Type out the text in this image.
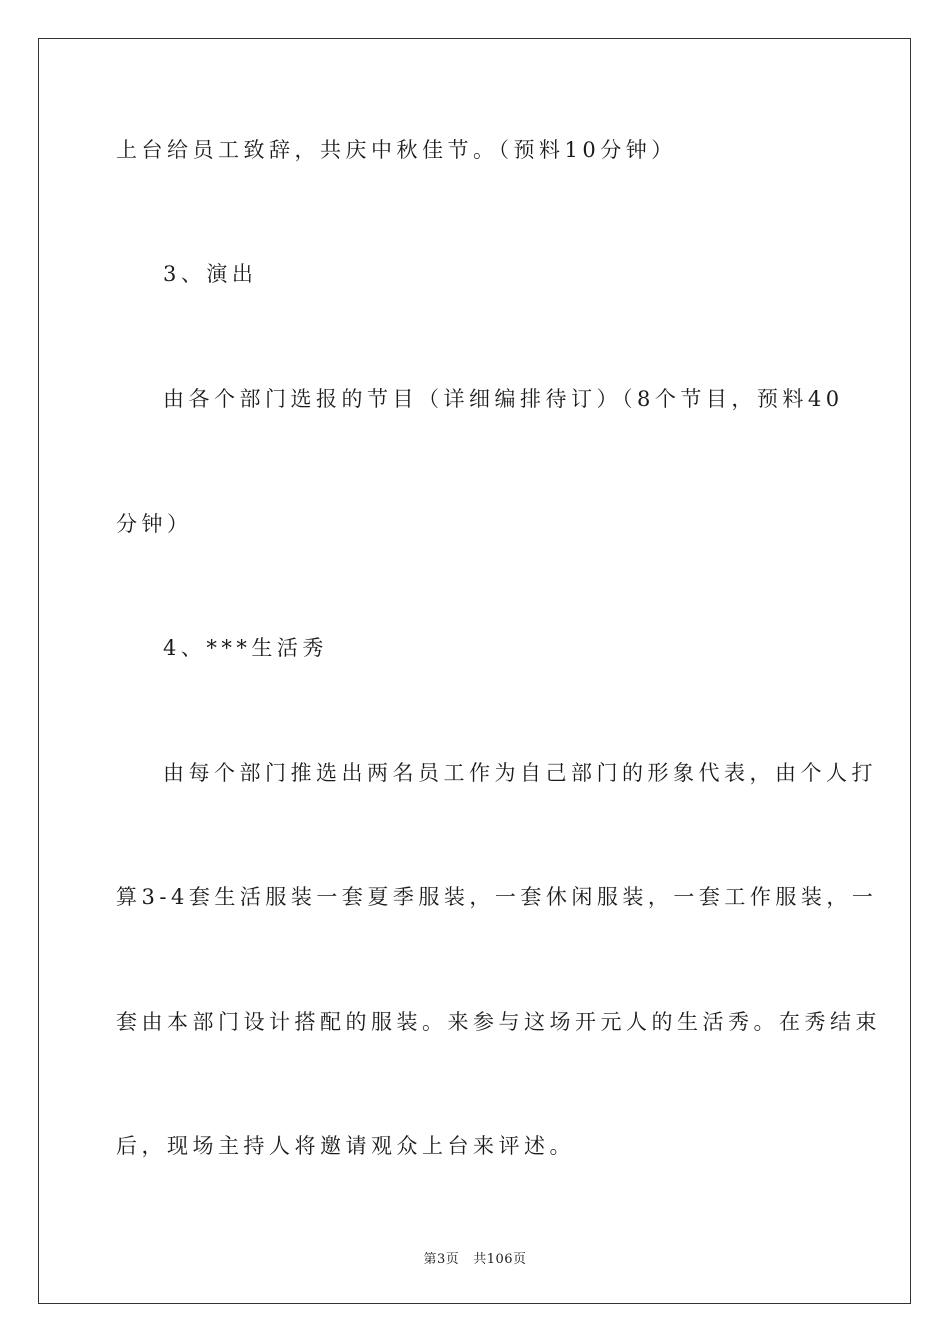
上台给员工致辞，共庆中秋佳节。（预料10分钟）
3、演出
由各个部门选报的节目（详细编排待订）（8个节目，预料40
分钟）
4、***生活秀
由每个部门推选出两名员工作为自己部门的形象代表，由个人打
算3-4套生活服装一套夏季服装，一套休闲服装，一套工作服装，一
套由本部门设计搭配的服装。来参与这场开元人的生活秀。在秀结束
后，现场主持人将邀请观众上台来评述。
第3页 共106页
